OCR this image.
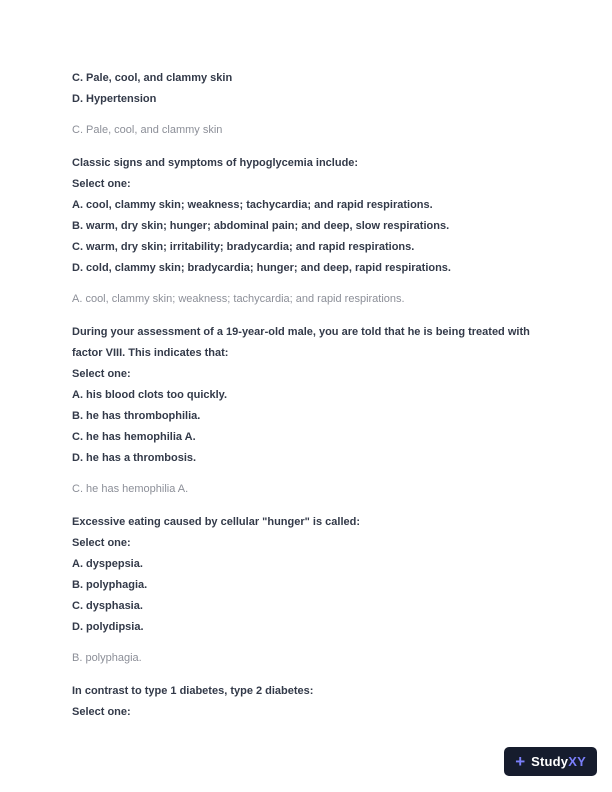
C. Pale, cool, and clammy skin
D. Hypertension
C. Pale, cool, and clammy skin
Classic signs and symptoms of hypoglycemia include:
Select one:
A. cool, clammy skin; weakness; tachycardia; and rapid respirations.
B. warm, dry skin; hunger; abdominal pain; and deep, slow respirations.
C. warm, dry skin; irritability; bradycardia; and rapid respirations.
D. cold, clammy skin; bradycardia; hunger; and deep, rapid respirations.
A. cool, clammy skin; weakness; tachycardia; and rapid respirations.
During your assessment of a 19-year-old male, you are told that he is being treated with factor VIII. This indicates that:
Select one:
A. his blood clots too quickly.
B. he has thrombophilia.
C. he has hemophilia A.
D. he has a thrombosis.
C. he has hemophilia A.
Excessive eating caused by cellular "hunger" is called:
Select one:
A. dyspepsia.
B. polyphagia.
C. dysphasia.
D. polydipsia.
B. polyphagia.
In contrast to type 1 diabetes, type 2 diabetes:
Select one:
+ StudyXY
